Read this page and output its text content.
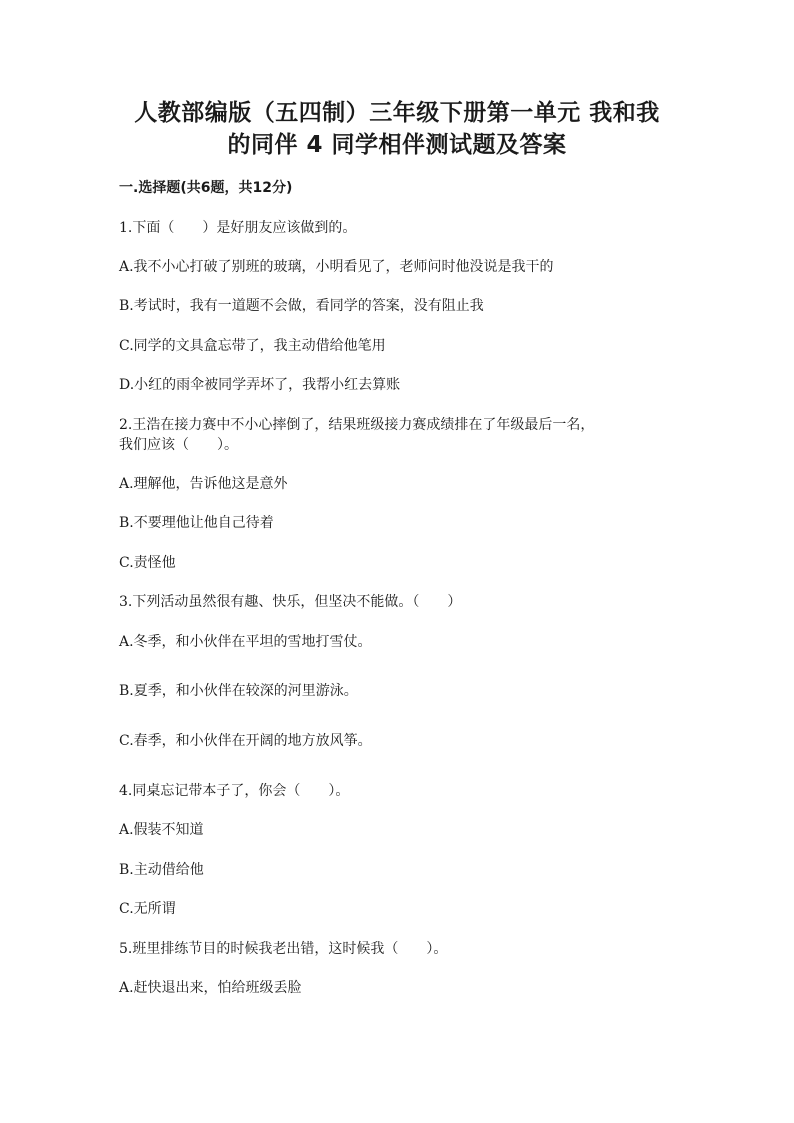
人教部编版（五四制）三年级下册第一单元 我和我
的同伴 4 同学相伴测试题及答案
一.选择题(共6题，共12分)
1.下面（　　）是好朋友应该做到的。
A.我不小心打破了别班的玻璃，小明看见了，老师问时他没说是我干的
B.考试时，我有一道题不会做，看同学的答案，没有阻止我
C.同学的文具盒忘带了，我主动借给他笔用
D.小红的雨伞被同学弄坏了，我帮小红去算账
2.王浩在接力赛中不小心摔倒了，结果班级接力赛成绩排在了年级最后一名，
我们应该（　　）。
A.理解他，告诉他这是意外
B.不要理他让他自己待着
C.责怪他
3.下列活动虽然很有趣、快乐，但坚决不能做。（　　）
A.冬季，和小伙伴在平坦的雪地打雪仗。
B.夏季，和小伙伴在较深的河里游泳。
C.春季，和小伙伴在开阔的地方放风筝。
4.同桌忘记带本子了，你会（　　）。
A.假装不知道
B.主动借给他
C.无所谓
5.班里排练节目的时候我老出错，这时候我（　　）。
A.赶快退出来，怕给班级丢脸
